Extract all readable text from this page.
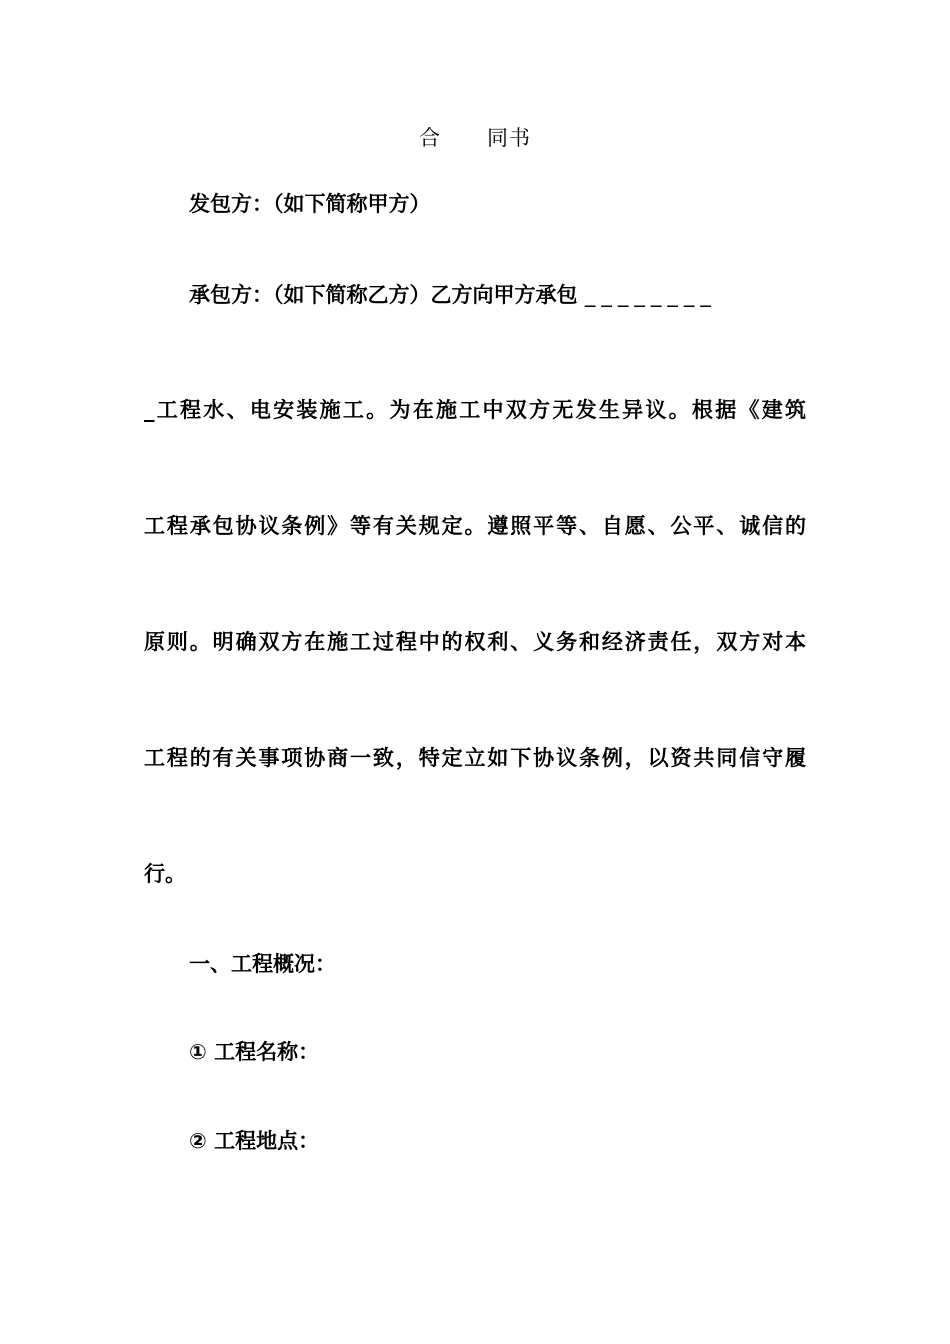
合 同书
发包方：（如下简称甲方）
承包方：（如下简称乙方）乙方向甲方承包 ________
_工程水、电安装施工。为在施工中双方无发生异议。根据《建筑
工程承包协议条例》等有关规定。遵照平等、自愿、公平、诚信的
原则。明确双方在施工过程中的权利、义务和经济责任，双方对本
工程的有关事项协商一致，特定立如下协议条例，以资共同信守履
行。
一、工程概况：
① 工程名称：
② 工程地点：
